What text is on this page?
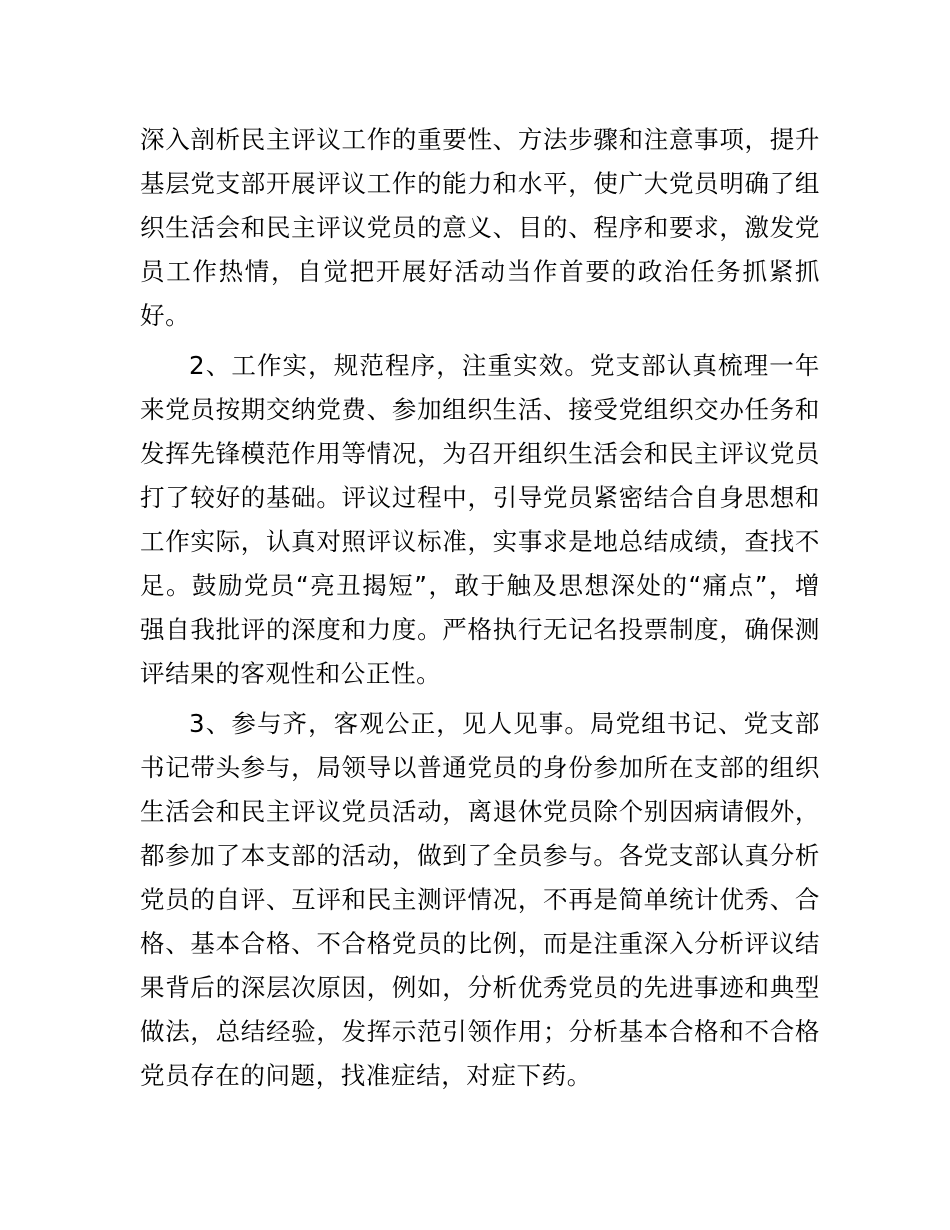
深入剖析民主评议工作的重要性、方法步骤和注意事项，提升基层党支部开展评议工作的能力和水平，使广大党员明确了组织生活会和民主评议党员的意义、目的、程序和要求，激发党员工作热情，自觉把开展好活动当作首要的政治任务抓紧抓好。

2、工作实，规范程序，注重实效。党支部认真梳理一年来党员按期交纳党费、参加组织生活、接受党组织交办任务和发挥先锋模范作用等情况，为召开组织生活会和民主评议党员打了较好的基础。评议过程中，引导党员紧密结合自身思想和工作实际，认真对照评议标准，实事求是地总结成绩，查找不足。鼓励党员“亮丑揭短”，敢于触及思想深处的“痛点”，增强自我批评的深度和力度。严格执行无记名投票制度，确保测评结果的客观性和公正性。

3、参与齐，客观公正，见人见事。局党组书记、党支部书记带头参与，局领导以普通党员的身份参加所在支部的组织生活会和民主评议党员活动，离退休党员除个别因病请假外，都参加了本支部的活动，做到了全员参与。各党支部认真分析党员的自评、互评和民主测评情况，不再是简单统计优秀、合格、基本合格、不合格党员的比例，而是注重深入分析评议结果背后的深层次原因，例如，分析优秀党员的先进事迹和典型做法，总结经验，发挥示范引领作用；分析基本合格和不合格党员存在的问题，找准症结，对症下药。
